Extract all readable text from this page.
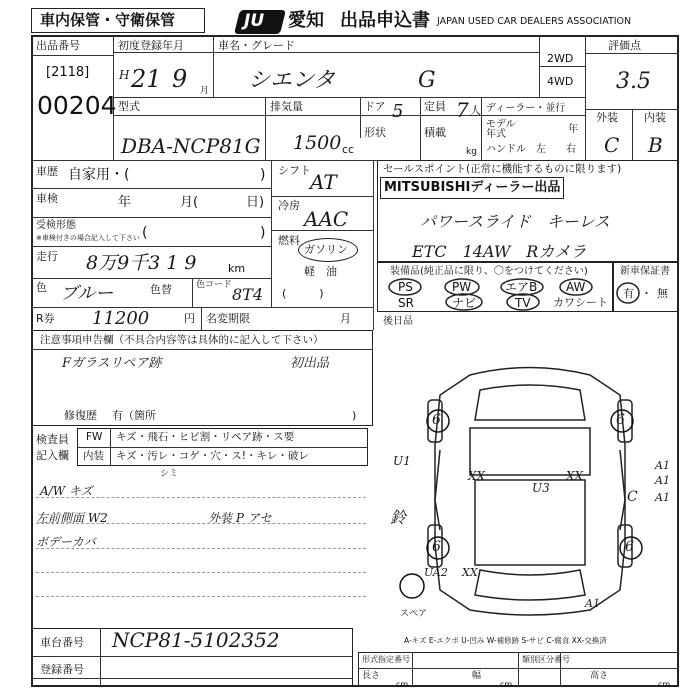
車内保管・守衛保管	JU 愛知 出品申込書 JAPAN USED CAR DEALERS ASSOCIATION
出品番号
[2118]
00204
初度登録年月
H 21 9 月
車名・グレード
シエンタ	G
2WD
4WD
評価点
3.5
型式
DBA-NCP81G
排気量
1500 cc
ドア 5 定員 7 人
形状	積載
kg
ディーラー・並行
モデル
年式	年
ハンドル 左 右
外装 内装
C B
車歴 自家用・(	)
車検	年	月(	日)
受検形態
※車検付きの場合記入して下さい (	)
走行 8万9千3 1 9	km
色 ブルー	色替	色コード 8T4
シフト AT
冷房
AAC
燃料
ガソリン
軽　油
(　　　)
R券 11200	円 名変期限	月
注意事項申告欄（不具合内容等は具体的に記入して下さい）
Fガラスリペア跡	初出品
修復歴 有（箇所	)
検査員
記入欄
FW キズ・飛石・ヒビ割・リペア跡・ス要
内装 キズ・汚レ・コゲ・穴・ス!・キレ・破レ
シミ
A/W キズ
左前側面 W2	外装 P アセ
ボデーカバ
セールスポイント(正常に機能するものに限ります)
MITSUBISHIディーラー出品
パワースライド　キーレス
ETC　14AW　Rカメラ
装備品(純正品に限り、〇をつけてください)
PS	PW	エアB AW
SR	ナビ	TV カワシート
新車保証書
有 ・ 無
後日品
6	6
6	6
U1
XX	XX
U3
A1
A1
C A1
UA2 XX
A1
鈴
スペア
A-キズ E-エクボ U-凹み W-補修跡 S-サビ C-腐食 XX-交換済
車台番号 NCP81-5102352
登録番号
形式指定番号	類別区分番号
長さ
cm
幅
cm
高さ
cm
